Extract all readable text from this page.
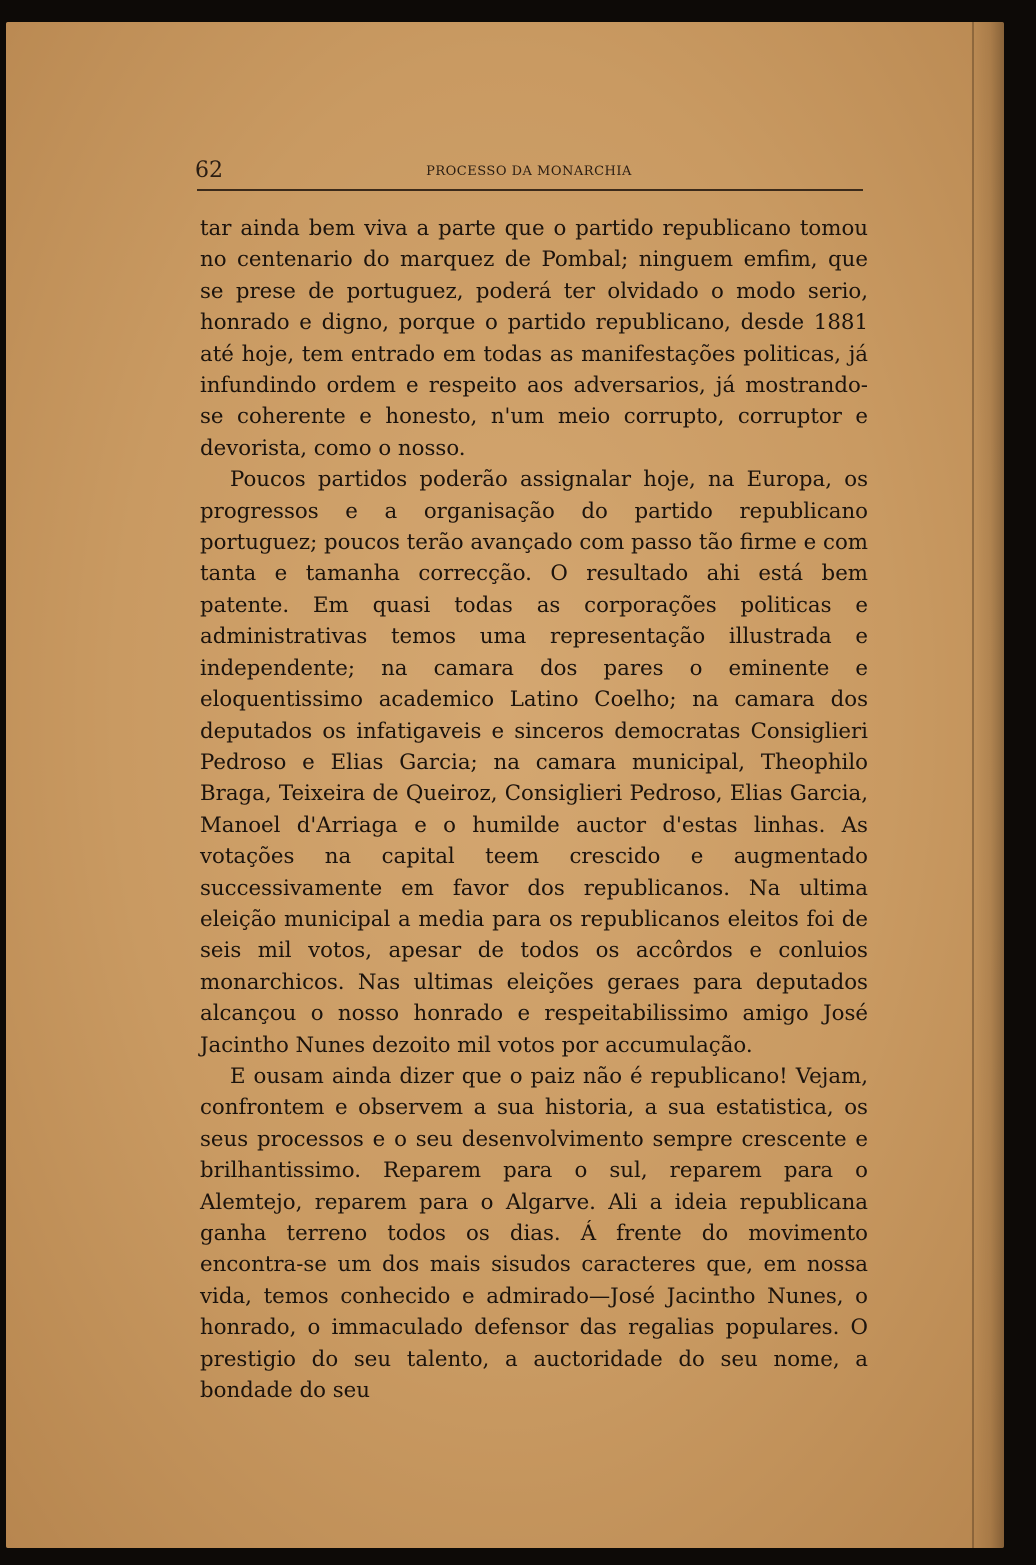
62	PROCESSO DA MONARCHIA

tar ainda bem viva a parte que o partido republicano tomou no centenario do marquez de Pombal; ninguem emfim, que se prese de portuguez, poderá ter olvidado o modo serio, honrado e digno, porque o partido republicano, desde 1881 até hoje, tem entrado em todas as manifestações politicas, já infundindo ordem e respeito aos adversarios, já mostrando-se coherente e honesto, n'um meio corrupto, corruptor e devorista, como o nosso.

Poucos partidos poderão assignalar hoje, na Europa, os progressos e a organisação do partido republicano portuguez; poucos terão avançado com passo tão firme e com tanta e tamanha correcção. O resultado ahi está bem patente. Em quasi todas as corporações politicas e administrativas temos uma representação illustrada e independente; na camara dos pares o eminente e eloquentissimo academico Latino Coelho; na camara dos deputados os infatigaveis e sinceros democratas Consiglieri Pedroso e Elias Garcia; na camara municipal, Theophilo Braga, Teixeira de Queiroz, Consiglieri Pedroso, Elias Garcia, Manoel d'Arriaga e o humilde auctor d'estas linhas. As votações na capital teem crescido e augmentado successivamente em favor dos republicanos. Na ultima eleição municipal a media para os republicanos eleitos foi de seis mil votos, apesar de todos os accôrdos e conluios monarchicos. Nas ultimas eleições geraes para deputados alcançou o nosso honrado e respeitabilissimo amigo José Jacintho Nunes dezoito mil votos por accumulação.

E ousam ainda dizer que o paiz não é republicano! Vejam, confrontem e observem a sua historia, a sua estatistica, os seus processos e o seu desenvolvimento sempre crescente e brilhantissimo. Reparem para o sul, reparem para o Alemtejo, reparem para o Algarve. Ali a ideia republicana ganha terreno todos os dias. Á frente do movimento encontra-se um dos mais sisudos caracteres que, em nossa vida, temos conhecido e admirado—José Jacintho Nunes, o honrado, o immaculado defensor das regalias populares. O prestigio do seu talento, a auctoridade do seu nome, a bondade do seu
